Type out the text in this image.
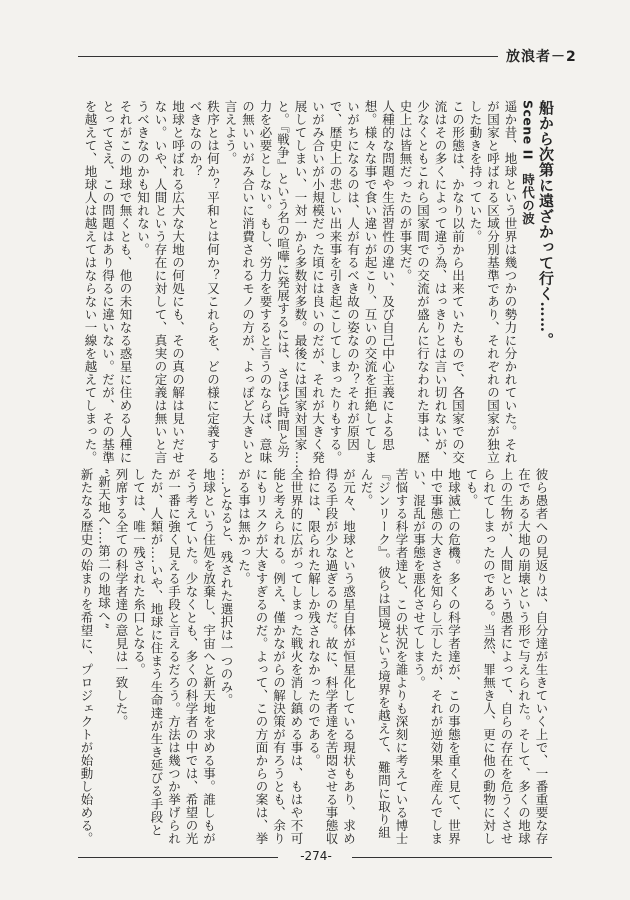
放浪者－2
船から次第に遠ざかって行く……。
Scene II　時代の波
遥か昔、地球という世界は幾つかの勢力に分かれていた。それが国家と呼ばれる区域分別基準であり、それぞれの国家が独立した動きを持っていた。
この形態は、かなり以前から出来ていたもので、各国家での交流はその多くによって違う為、はっきりとは言い切れないが、少なくともこれら国家間での交流が盛んに行なわれた事は、歴史上は皆無だったのが事実だ。
人種的な問題や生活習性の違い、及び自己中心主義による思想。様々な事で食い違いが起こり、互いの交流を拒絶してしまいがちになるのは、人が有るべき故の姿なのか？それが原因で、歴史上の悲しい出来事を引き起こしてしまったりもする。
いがみ合いが小規模だった頃には良いのだが、それが大きく発展してしまい、一対一から多数対多数。最後には国家対国家‥‥と。『戦争』という名の喧嘩に発展するには、さほど時間と労力を必要としない。もし、労力を要すると言うのならば、意味の無いいがみ合いに消費されるモノの方が、よっぽど大きいと言えよう。
秩序とは何か？平和とは何か？又これらを、どの様に定義するべきなのか？
地球と呼ばれる広大な大地の何処にも、その真の解は見いだせない。いや、人間という存在に対して、真実の定義は無いと言うべきなのかも知れない。
それがこの地球で無くとも、他の未知なる惑星に住める人種にとってさえ、この問題はあり得るに違いない。だが、その基準を越えて、地球人は越えてはならない一線を越えてしまった。
彼ら愚者への見返りは、自分達が生きていく上で、一番重要な存在である大地の崩壊という形で与えられた。そして、多くの地球上の生物が、人間という愚者によって、自らの存在を危うくさせられてしまったのである。当然、罪無き人、更に他の動物に対しても。
地球滅亡の危機。多くの科学者達が、この事態を重く見て、世界中で事態の大きさを知らし示したが、それが逆効果を産んでしまい、混乱が事態を悪化させてしまう。
苦悩する科学者達と、この状況を誰よりも深刻に考えている博士『ジンリーク』。彼らは国境という境界を越えて、難問に取り組んだ。
が元々、地球という惑星自体が恒星化している現状もあり、求め得る手段が少な過ぎるのだ。故に、科学者達を苦悶させる事態収拾には、限られた解しか残されなかったのである。
全世界的に広がってしまった戦火を消し鎮める事は、もはや不可能と考えられる。例え、僅かながらの解決策が有ろうとも、余りにもリスクが大きすぎるのだ。よって、この方面からの案は、挙がる事は無かった。
‥‥となると、残された選択は一つのみ。
地球という住処を放棄し、宇宙へと新天地を求める事。誰しもがそう考えていた。少なくとも、多くの科学者の中では、希望の光が一番に強く見える手段と言えるだろう。方法は幾つか挙げられたが、人類が‥‥いや、地球に住まう生命達が生き延びる手段としては、唯一残された糸口となる。
列席する全ての科学者達の意見は一致した。
“新天地へ‥‥第二の地球へ”
新たなる歴史の始まりを希望に、プロジェクトが始動し始める。
-274-
